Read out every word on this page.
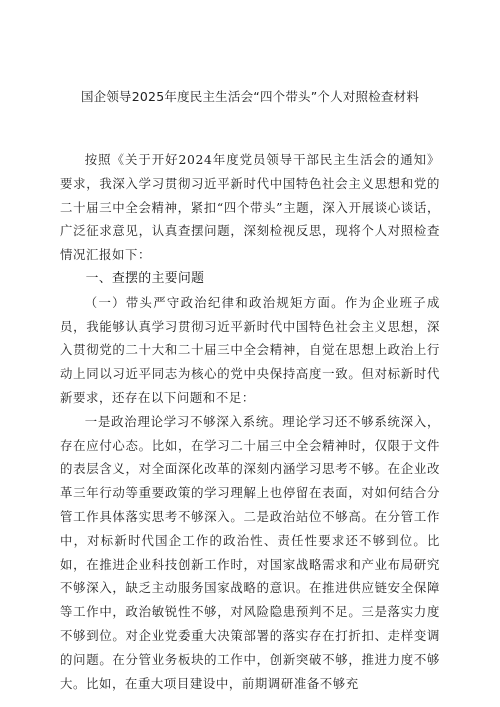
国企领导2025年度民主生活会“四个带头”个人对照检查材料

按照《关于开好2024年度党员领导干部民主生活会的通知》要求，我深入学习贯彻习近平新时代中国特色社会主义思想和党的二十届三中全会精神，紧扣“四个带头”主题，深入开展谈心谈话，广泛征求意见，认真查摆问题，深刻检视反思，现将个人对照检查情况汇报如下：

一、查摆的主要问题

（一）带头严守政治纪律和政治规矩方面。作为企业班子成员，我能够认真学习贯彻习近平新时代中国特色社会主义思想，深入贯彻党的二十大和二十届三中全会精神，自觉在思想上政治上行动上同以习近平同志为核心的党中央保持高度一致。但对标新时代新要求，还存在以下问题和不足：

一是政治理论学习不够深入系统。理论学习还不够系统深入，存在应付心态。比如，在学习二十届三中全会精神时，仅限于文件的表层含义，对全面深化改革的深刻内涵学习思考不够。在企业改革三年行动等重要政策的学习理解上也停留在表面，对如何结合分管工作具体落实思考不够深入。二是政治站位不够高。在分管工作中，对标新时代国企工作的政治性、责任性要求还不够到位。比如，在推进企业科技创新工作时，对国家战略需求和产业布局研究不够深入，缺乏主动服务国家战略的意识。在推进供应链安全保障等工作中，政治敏锐性不够，对风险隐患预判不足。三是落实力度不够到位。对企业党委重大决策部署的落实存在打折扣、走样变调的问题。在分管业务板块的工作中，创新突破不够，推进力度不够大。比如，在重大项目建设中，前期调研准备不够充
